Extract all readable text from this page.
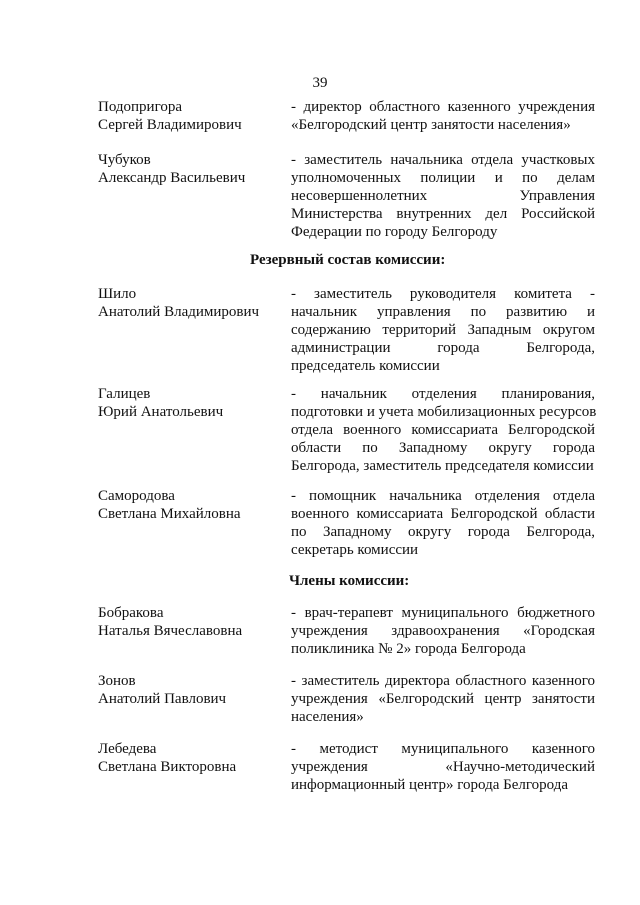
39
Подопригора
Сергей Владимирович
- директор областного казенного учреждения
«Белгородский центр занятости населения»
Чубуков
Александр Васильевич
- заместитель начальника отдела участковых
уполномоченных полиции и по делам
несовершеннолетних Управления
Министерства внутренних дел Российской
Федерации по городу Белгороду
Резервный состав комиссии:
Шило
Анатолий Владимирович
- заместитель руководителя комитета -
начальник управления по развитию и
содержанию территорий Западным округом
администрации города Белгорода,
председатель комиссии
Галицев
Юрий Анатольевич
- начальник отделения планирования,
подготовки и учета мобилизационных ресурсов
отдела военного комиссариата Белгородской
области по Западному округу города
Белгорода, заместитель председателя комиссии
Самородова
Светлана Михайловна
- помощник начальника отделения отдела
военного комиссариата Белгородской области
по Западному округу города Белгорода,
секретарь комиссии
Члены комиссии:
Бобракова
Наталья Вячеславовна
- врач-терапевт муниципального бюджетного
учреждения здравоохранения «Городская
поликлиника № 2» города Белгорода
Зонов
Анатолий Павлович
- заместитель директора областного казенного
учреждения «Белгородский центр занятости
населения»
Лебедева
Светлана Викторовна
- методист муниципального казенного
учреждения «Научно-методический
информационный центр» города Белгорода
